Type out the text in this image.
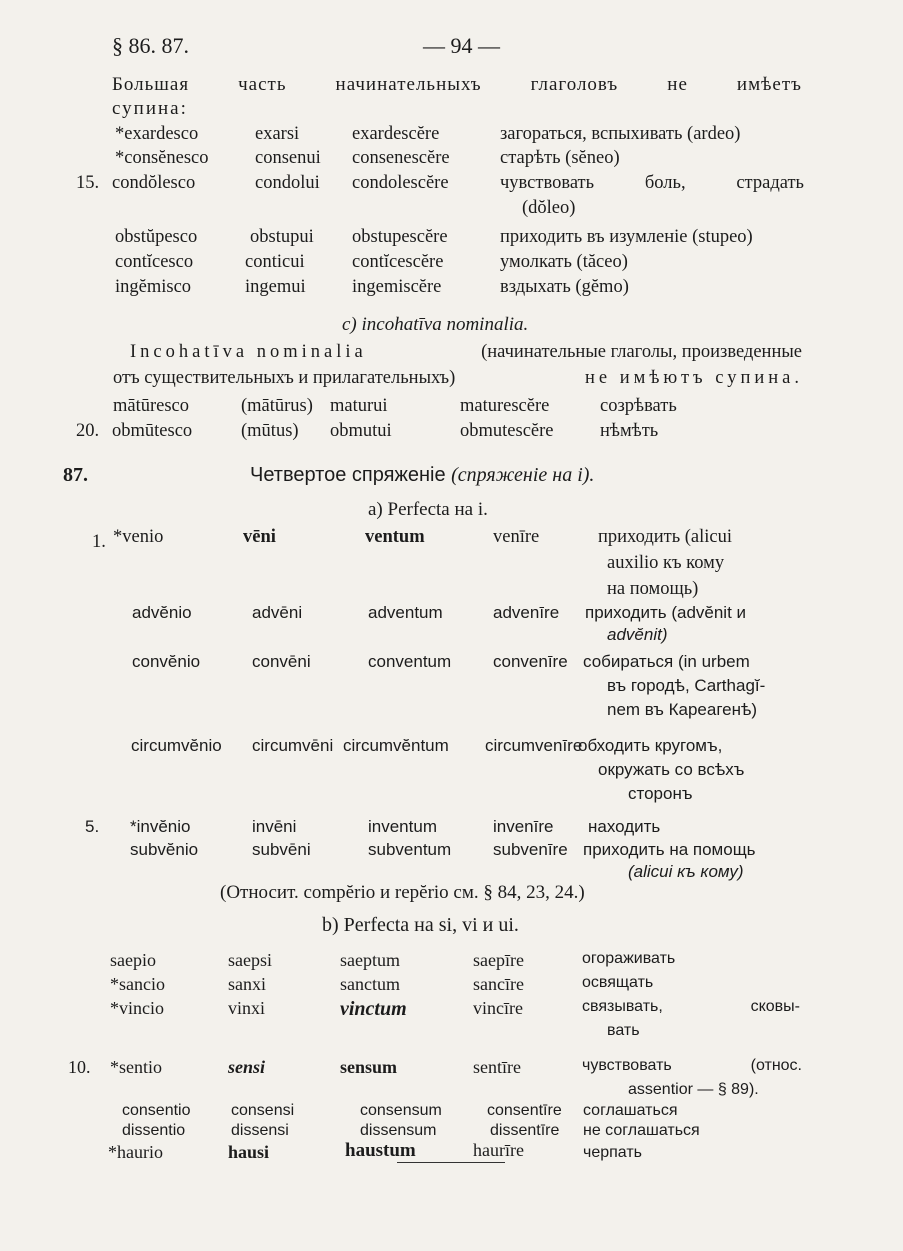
§ 86. 87.	— 94 —
Большая	часть	начинательныхъ	глаголовъ	не	имѣетъ
супина:
*exardesco	exarsi	exardescĕre	загораться, вспыхивать (ardeo)
*consĕnesco	consenui consenescĕre	старѣть (sĕneo)
15. condŏlesco	condolui condolescĕre	чувствовать боль, страдать
(dŏleo)
obstŭpesco	obstupui obstupescĕre	приходить въ изумленіе (stupeo)
contĭcesco	conticui	contĭcescĕre	умолкать (tăceo)
ingĕmisco	ingemui	ingemiscĕre	вздыхать (gĕmo)
c) incohatīva nominalia.
Incohatīva nominalia	(начинательные глаголы, произведенные
отъ существительныхъ и прилагательныхъ)	не имѣютъ супина.
mātūresco	(mātūrus) maturui	maturescĕre	созрѣвать
20. obmūtesco	(mūtus) obmutui	obmutescĕre	нѣмѣть
87.	Четвертое спряженіе (спряженіе на i).
а) Perfecta на i.
1. *venio	vēni	ventum	venīre	приходить (alicui
auxilio къ кому
на помощь)
advĕnio	advēni	adventum	advenīre приходить (advĕnit и
advĕnit)
convĕnio	convēni	conventum convenīre собираться (in urbem
въ городѣ, Carthagĭ-
nem въ Кареагенѣ)
circumvĕnio circumvēni circumvĕntum circumvenīre
обходить кругомъ,
окружать со всѣхъ
сторонъ
5. *invĕnio	invēni	inventum	invenīre находить
subvĕnio	subvēni	subventum subvenīre приходить на помощь
(alicui къ кому)
(Относит. compĕrio и repĕrio см. § 84, 23, 24.)
b) Perfecta на si, vi и ui.
saepio	saepsi	saeptum	saepīre	огораживать
*sancio	sanxi	sanctum	sancīre	освящать
*vincio	vinxi	vinctum	vincīre	связывать, сковы-
вать
10. *sentio	sensi	sensum	sentīre	чувствовать (относ.
assentior — § 89).
consentio	consensi	consensum	consentīre соглашаться
dissentio	dissensi	dissensum	dissentīre не соглашаться
*haurio	hausi	haustum	haurīre	черпать
